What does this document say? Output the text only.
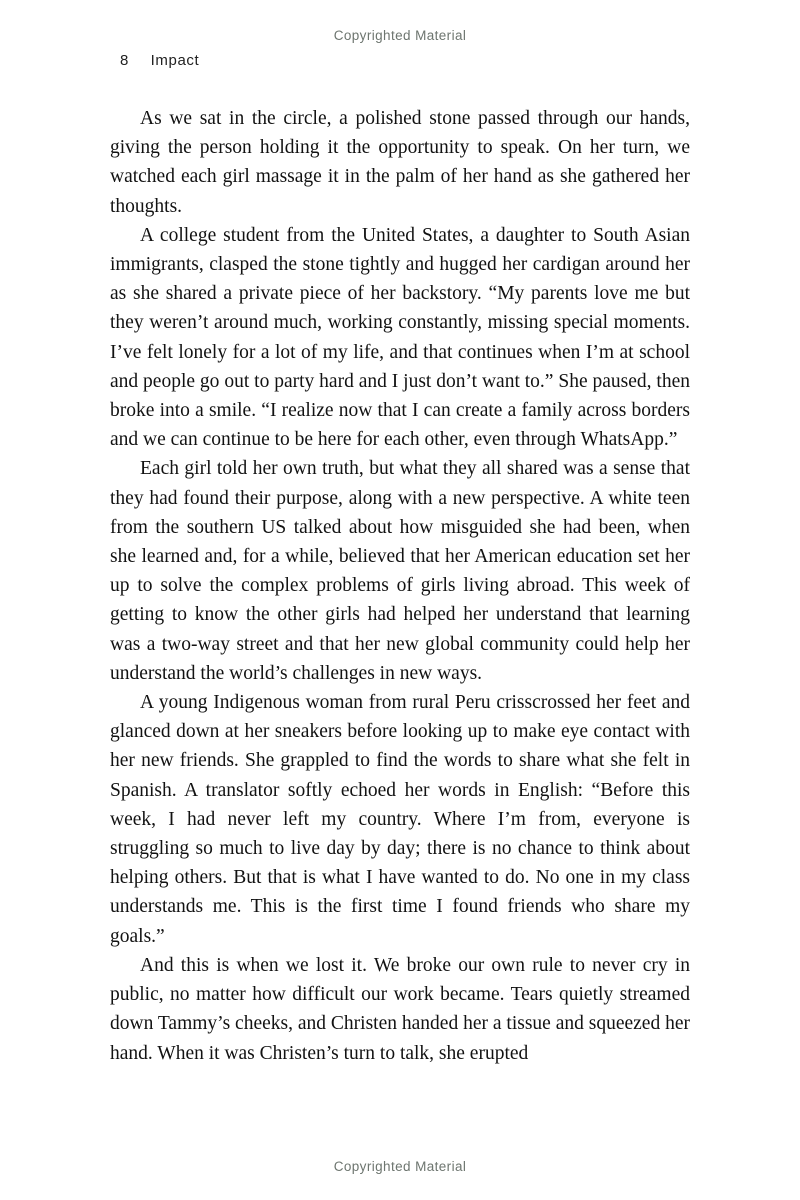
Copyrighted Material
8 Impact

As we sat in the circle, a polished stone passed through our hands, giving the person holding it the opportunity to speak. On her turn, we watched each girl massage it in the palm of her hand as she gathered her thoughts.

A college student from the United States, a daughter to South Asian immigrants, clasped the stone tightly and hugged her cardigan around her as she shared a private piece of her backstory. “My parents love me but they weren’t around much, working constantly, missing special moments. I’ve felt lonely for a lot of my life, and that continues when I’m at school and people go out to party hard and I just don’t want to.” She paused, then broke into a smile. “I realize now that I can create a family across borders and we can continue to be here for each other, even through WhatsApp.”

Each girl told her own truth, but what they all shared was a sense that they had found their purpose, along with a new perspective. A white teen from the southern US talked about how misguided she had been, when she learned and, for a while, believed that her American education set her up to solve the complex problems of girls living abroad. This week of getting to know the other girls had helped her understand that learning was a two-way street and that her new global community could help her understand the world’s challenges in new ways.

A young Indigenous woman from rural Peru crisscrossed her feet and glanced down at her sneakers before looking up to make eye contact with her new friends. She grappled to find the words to share what she felt in Spanish. A translator softly echoed her words in English: “Before this week, I had never left my country. Where I’m from, everyone is struggling so much to live day by day; there is no chance to think about helping others. But that is what I have wanted to do. No one in my class understands me. This is the first time I found friends who share my goals.”

And this is when we lost it. We broke our own rule to never cry in public, no matter how difficult our work became. Tears quietly streamed down Tammy’s cheeks, and Christen handed her a tissue and squeezed her hand. When it was Christen’s turn to talk, she erupted

Copyrighted Material
